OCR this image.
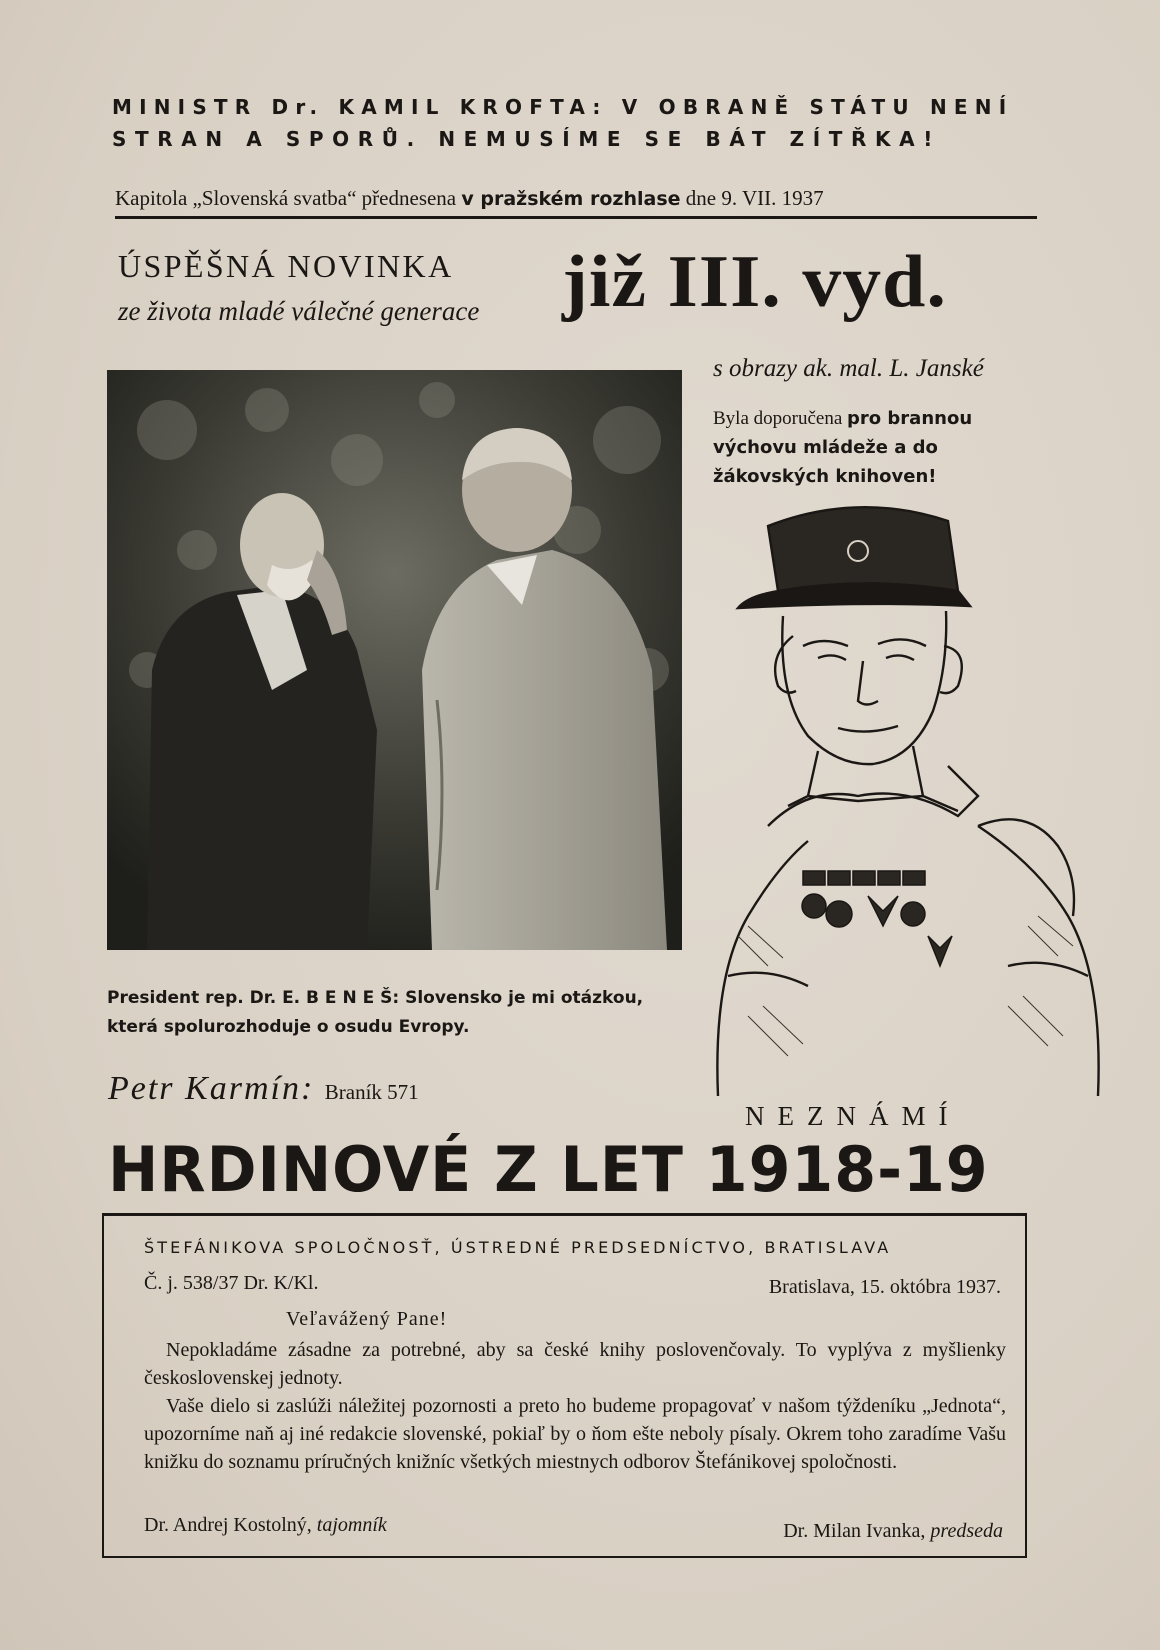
MINISTR Dr. KAMIL KROFTA: V OBRANĚ STÁTU NENÍ
STRAN A SPORŮ. NEMUSÍME SE BÁT ZÍTŘKA!
Kapitola „Slovenská svatba“ přednesena v pražském rozhlase dne 9. VII. 1937
ÚSPĚŠNÁ NOVINKA
ze života mladé válečné generace již III. vyd.
s obrazy ak. mal. L. Janské
Byla doporučena pro brannou výchovu mládeže a do žákovských knihoven!
President rep. Dr. E. B E N E Š: Slovensko je mi otázkou, která spolurozhoduje o osudu Evropy.
Petr Karmín: Braník 571
NEZNÁMÍ
HRDINOVÉ Z LET 1918-19
ŠTEFÁNIKOVA SPOLOČNOSŤ, ÚSTREDNÉ PREDSEDNÍCTVO, BRATISLAVA
Č. j. 538/37 Dr. K/Kl.	Bratislava, 15. októbra 1937.
Veľavážený Pane!

Nepokladáme zásadne za potrebné, aby sa české knihy poslovenčovaly. To vyplýva z myšlienky československej jednoty.

Vaše dielo si zaslúži náležitej pozornosti a preto ho budeme propagovať v našom týždeníku „Jednota“, upozorníme naň aj iné redakcie slovenské, pokiaľ by o ňom ešte neboly písaly. Okrem toho zaradíme Vašu knižku do soznamu príručných knižníc všetkých miestnych odborov Štefánikovej spoločnosti.

Dr. Andrej Kostolný, tajomník	Dr. Milan Ivanka, predseda
